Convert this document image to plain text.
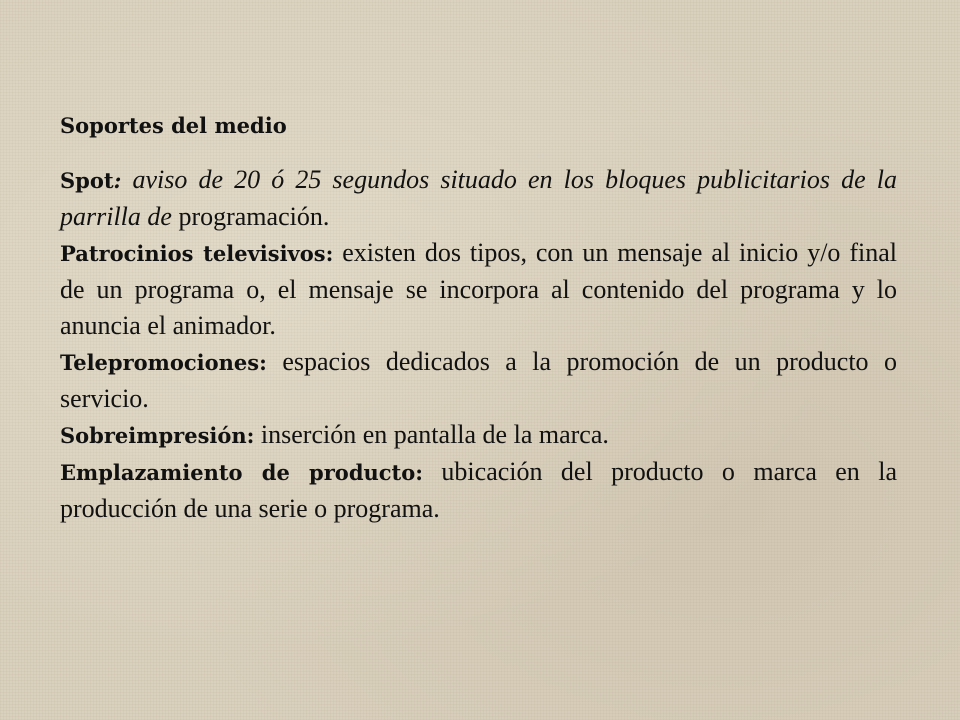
Soportes del medio

Spot: aviso de 20 ó 25 segundos situado en los bloques publicitarios de la parrilla de programación.

Patrocinios televisivos: existen dos tipos, con un mensaje al inicio y/o final de un programa o, el mensaje se incorpora al contenido del programa y lo anuncia el animador.

Telepromociones: espacios dedicados a la promoción de un producto o servicio.

Sobreimpresión: inserción en pantalla de la marca.

Emplazamiento de producto: ubicación del producto o marca en la producción de una serie o programa.
